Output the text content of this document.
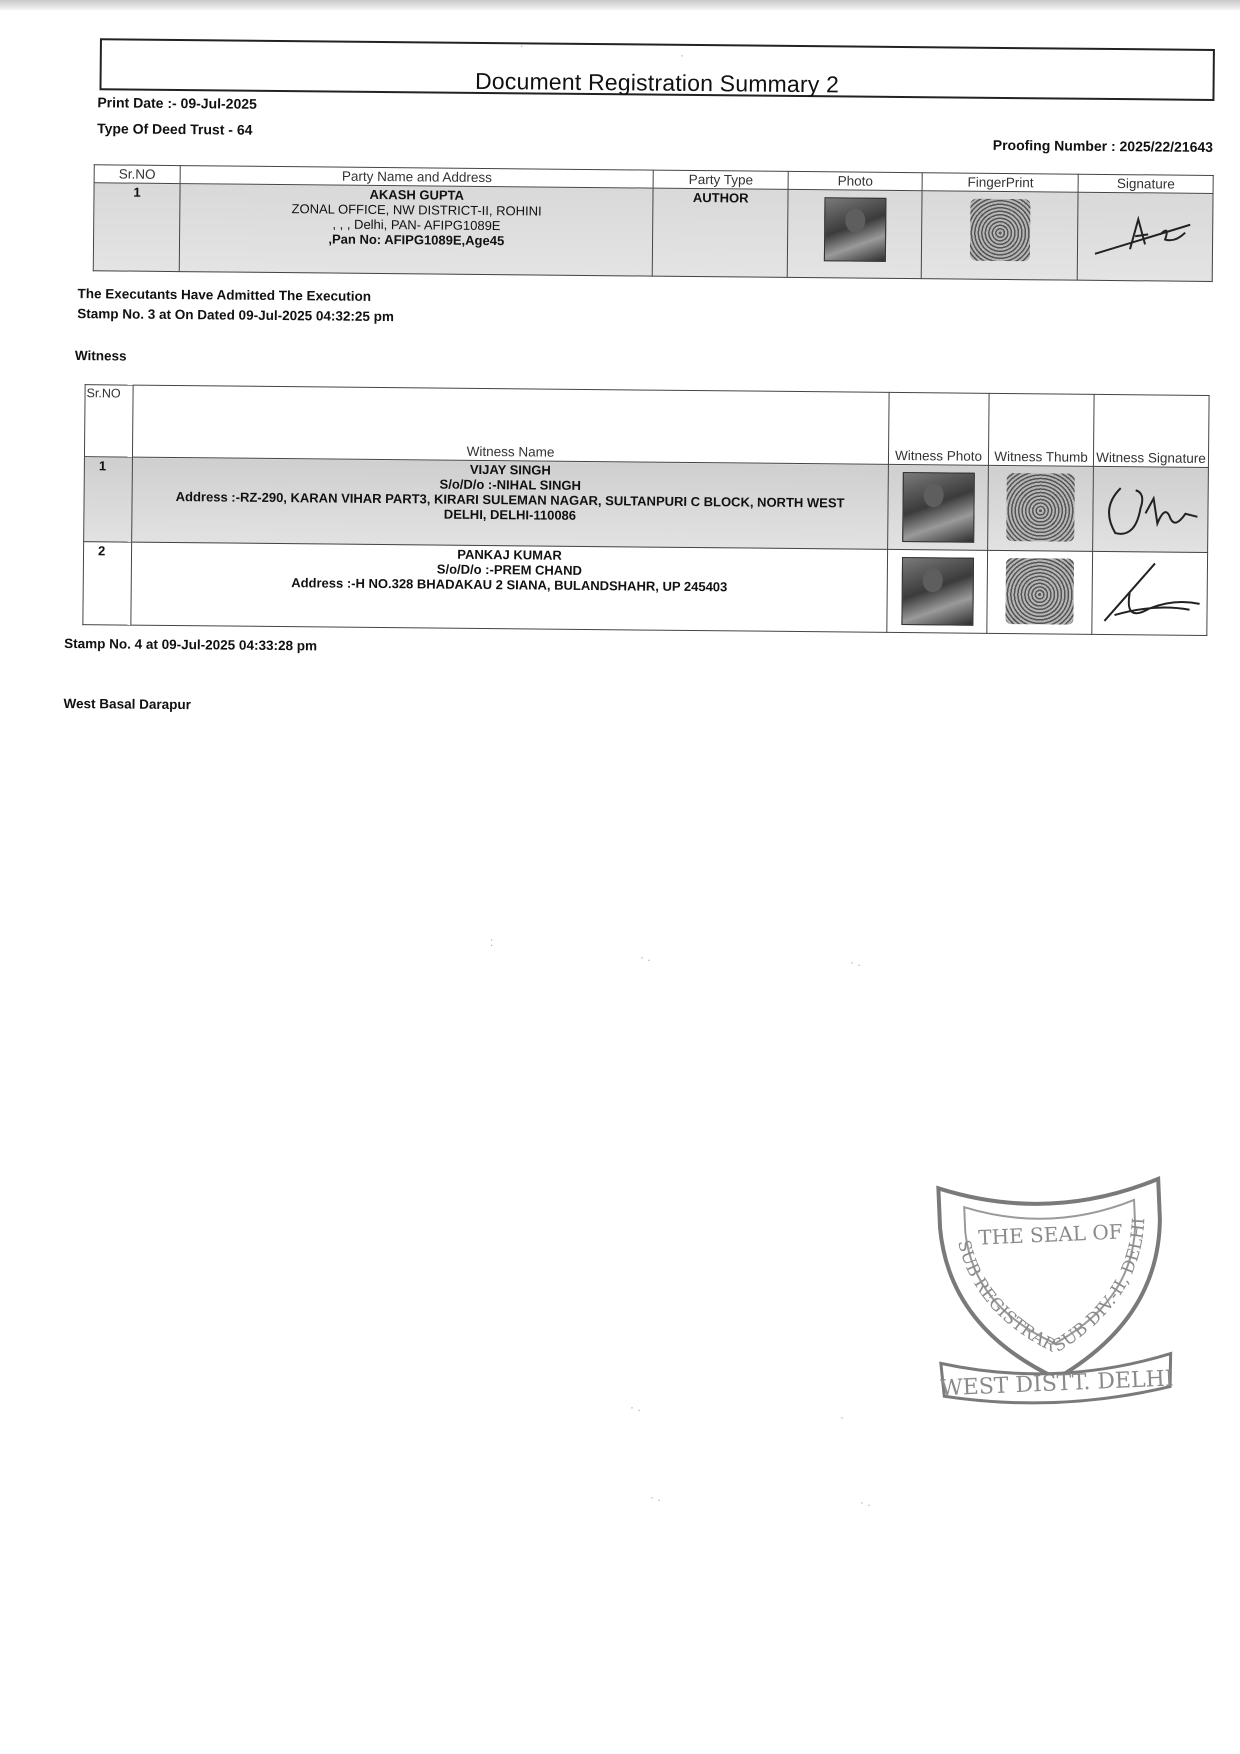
Document Registration Summary 2
Print Date :- 09-Jul-2025
Type Of Deed Trust - 64
Proofing Number : 2025/22/21643
Sr.NO	Party Name and Address	Party Type	Photo	FingerPrint	Signature
1	AKASH GUPTA
ZONAL OFFICE, NW DISTRICT-II, ROHINI
, , , Delhi, PAN- AFIPG1089E
,Pan No: AFIPG1089E,Age45	AUTHOR	

The Executants Have Admitted The Execution
Stamp No. 3 at On Dated 09-Jul-2025 04:32:25 pm
Witness
Sr.NO	Witness Name	Witness Photo	Witness Thumb	Witness Signature
1	VIJAY SINGH
S/o/D/o :-NIHAL SINGH
Address :-RZ-290, KARAN VIHAR PART3, KIRARI SULEMAN NAGAR, SULTANPURI C BLOCK, NORTH WEST DELHI, DELHI-110086

2	PANKAJ KUMAR
S/o/D/o :-PREM CHAND
Address :-H NO.328 BHADAKAU 2 SIANA, BULANDSHAHR, UP 245403

Stamp No. 4 at 09-Jul-2025 04:33:28 pm
West Basal Darapur
SUB REGISTRAR SUB DIV.-II, DELHI
THE SEAL OF
WEST DISTT. DELHI
.
·
· .	· .
:
· .
·
· .	· .
